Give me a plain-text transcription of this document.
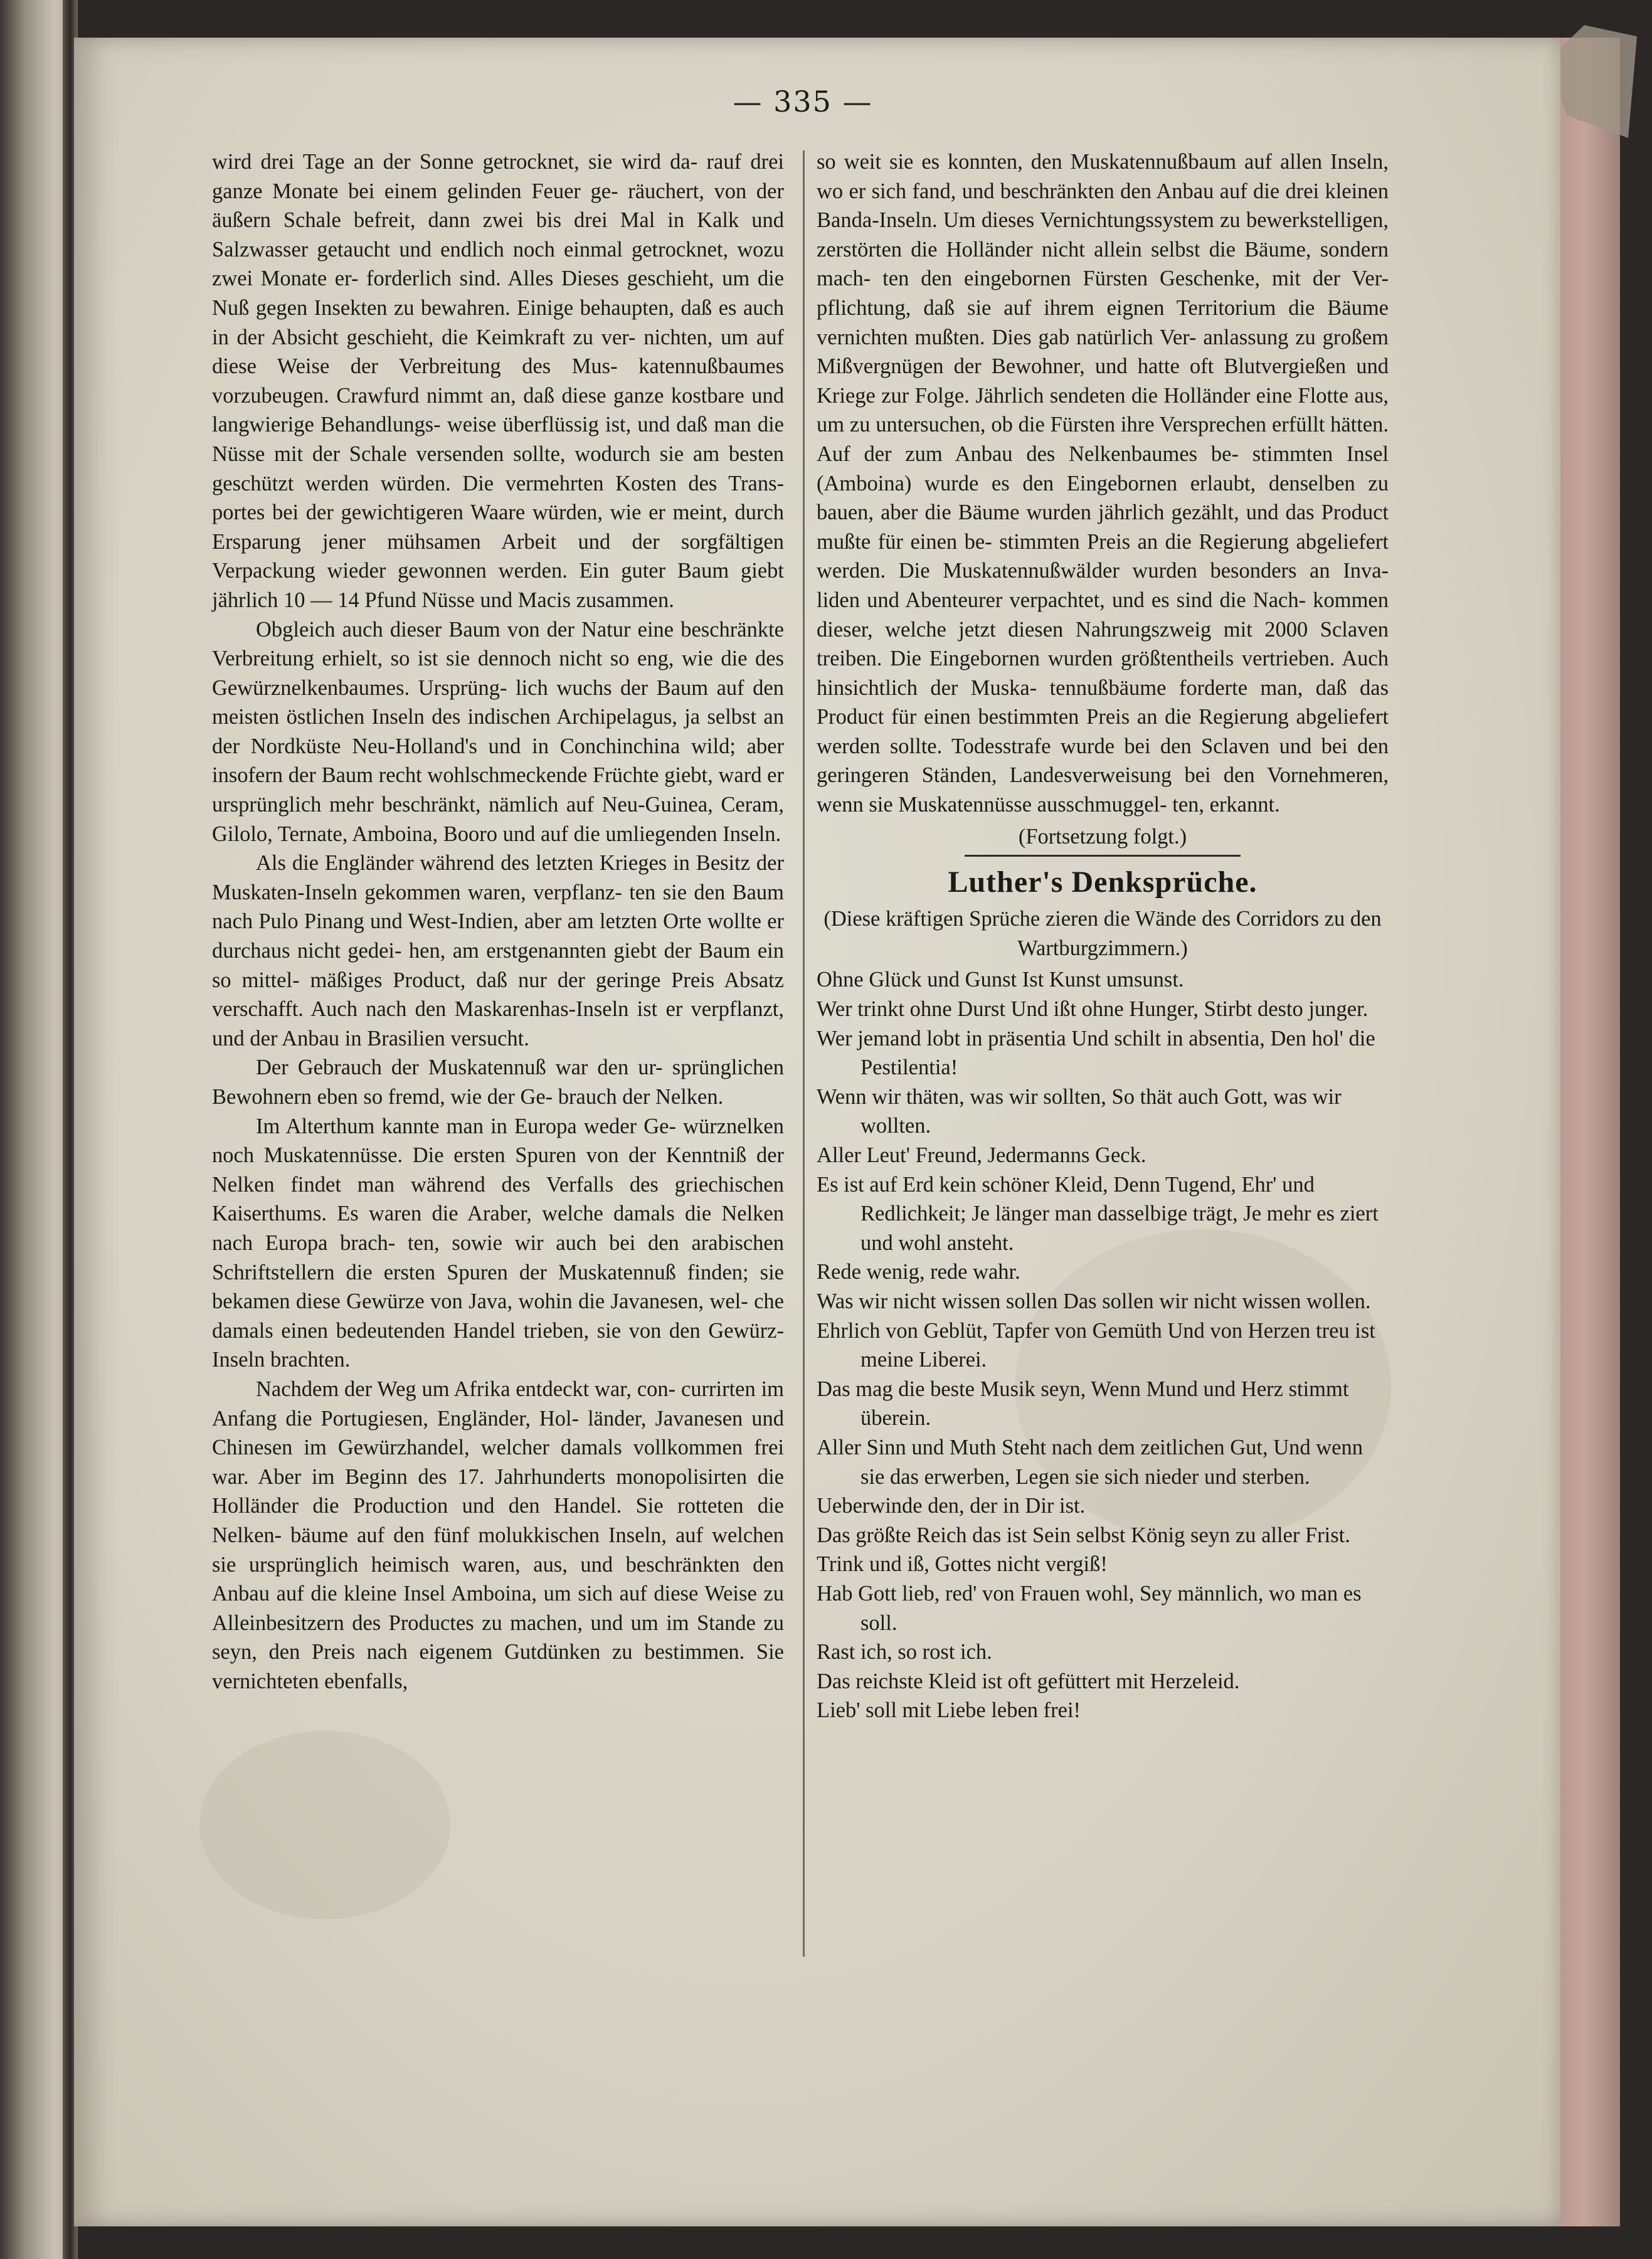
— 335 —

wird drei Tage an der Sonne getrocknet, sie wird da- rauf drei ganze Monate bei einem gelinden Feuer ge- räuchert, von der äußern Schale befreit, dann zwei bis drei Mal in Kalk und Salzwasser getaucht und endlich noch einmal getrocknet, wozu zwei Monate er- forderlich sind. Alles Dieses geschieht, um die Nuß gegen Insekten zu bewahren. Einige behaupten, daß es auch in der Absicht geschieht, die Keimkraft zu ver- nichten, um auf diese Weise der Verbreitung des Mus- katennußbaumes vorzubeugen. Crawfurd nimmt an, daß diese ganze kostbare und langwierige Behandlungs- weise überflüssig ist, und daß man die Nüsse mit der Schale versenden sollte, wodurch sie am besten geschützt werden würden. Die vermehrten Kosten des Trans- portes bei der gewichtigeren Waare würden, wie er meint, durch Ersparung jener mühsamen Arbeit und der sorgfältigen Verpackung wieder gewonnen werden. Ein guter Baum giebt jährlich 10 — 14 Pfund Nüsse und Macis zusammen.

Obgleich auch dieser Baum von der Natur eine beschränkte Verbreitung erhielt, so ist sie dennoch nicht so eng, wie die des Gewürznelkenbaumes. Ursprüng- lich wuchs der Baum auf den meisten östlichen Inseln des indischen Archipelagus, ja selbst an der Nordküste Neu-Holland's und in Conchinchina wild; aber insofern der Baum recht wohlschmeckende Früchte giebt, ward er ursprünglich mehr beschränkt, nämlich auf Neu-Guinea, Ceram, Gilolo, Ternate, Amboina, Booro und auf die umliegenden Inseln.

Als die Engländer während des letzten Krieges in Besitz der Muskaten-Inseln gekommen waren, verpflanz- ten sie den Baum nach Pulo Pinang und West-Indien, aber am letzten Orte wollte er durchaus nicht gedei- hen, am erstgenannten giebt der Baum ein so mittel- mäßiges Product, daß nur der geringe Preis Absatz verschafft. Auch nach den Maskarenhas-Inseln ist er verpflanzt, und der Anbau in Brasilien versucht.

Der Gebrauch der Muskatennuß war den ur- sprünglichen Bewohnern eben so fremd, wie der Ge- brauch der Nelken.

Im Alterthum kannte man in Europa weder Ge- würznelken noch Muskatennüsse. Die ersten Spuren von der Kenntniß der Nelken findet man während des Verfalls des griechischen Kaiserthums. Es waren die Araber, welche damals die Nelken nach Europa brach- ten, sowie wir auch bei den arabischen Schriftstellern die ersten Spuren der Muskatennuß finden; sie bekamen diese Gewürze von Java, wohin die Javanesen, wel- che damals einen bedeutenden Handel trieben, sie von den Gewürz-Inseln brachten.

Nachdem der Weg um Afrika entdeckt war, con- currirten im Anfang die Portugiesen, Engländer, Hol- länder, Javanesen und Chinesen im Gewürzhandel, welcher damals vollkommen frei war. Aber im Beginn des 17. Jahrhunderts monopolisirten die Holländer die Production und den Handel. Sie rotteten die Nelken- bäume auf den fünf molukkischen Inseln, auf welchen sie ursprünglich heimisch waren, aus, und beschränkten den Anbau auf die kleine Insel Amboina, um sich auf diese Weise zu Alleinbesitzern des Productes zu machen, und um im Stande zu seyn, den Preis nach eigenem Gutdünken zu bestimmen. Sie vernichteten ebenfalls,

so weit sie es konnten, den Muskatennußbaum auf allen Inseln, wo er sich fand, und beschränkten den Anbau auf die drei kleinen Banda-Inseln. Um dieses Vernichtungssystem zu bewerkstelligen, zerstörten die Holländer nicht allein selbst die Bäume, sondern mach- ten den eingebornen Fürsten Geschenke, mit der Ver- pflichtung, daß sie auf ihrem eignen Territorium die Bäume vernichten mußten. Dies gab natürlich Ver- anlassung zu großem Mißvergnügen der Bewohner, und hatte oft Blutvergießen und Kriege zur Folge. Jährlich sendeten die Holländer eine Flotte aus, um zu untersuchen, ob die Fürsten ihre Versprechen erfüllt hätten. Auf der zum Anbau des Nelkenbaumes be- stimmten Insel (Amboina) wurde es den Eingebornen erlaubt, denselben zu bauen, aber die Bäume wurden jährlich gezählt, und das Product mußte für einen be- stimmten Preis an die Regierung abgeliefert werden. Die Muskatennußwälder wurden besonders an Inva- liden und Abenteurer verpachtet, und es sind die Nach- kommen dieser, welche jetzt diesen Nahrungszweig mit 2000 Sclaven treiben. Die Eingebornen wurden größtentheils vertrieben. Auch hinsichtlich der Muska- tennußbäume forderte man, daß das Product für einen bestimmten Preis an die Regierung abgeliefert werden sollte. Todesstrafe wurde bei den Sclaven und bei den geringeren Ständen, Landesverweisung bei den Vornehmeren, wenn sie Muskatennüsse ausschmuggel- ten, erkannt.

(Fortsetzung folgt.)

Luther's Denksprüche.

(Diese kräftigen Sprüche zieren die Wände des Corridors zu den Wartburgzimmern.)

Ohne Glück und Gunst Ist Kunst umsunst.

Wer trinkt ohne Durst Und ißt ohne Hunger, Stirbt desto junger.

Wer jemand lobt in präsentia Und schilt in absentia, Den hol' die Pestilentia!

Wenn wir thäten, was wir sollten, So thät auch Gott, was wir wollten.

Aller Leut' Freund, Jedermanns Geck.

Es ist auf Erd kein schöner Kleid, Denn Tugend, Ehr' und Redlichkeit; Je länger man dasselbige trägt, Je mehr es ziert und wohl ansteht.

Rede wenig, rede wahr.

Was wir nicht wissen sollen Das sollen wir nicht wissen wollen.

Ehrlich von Geblüt, Tapfer von Gemüth Und von Herzen treu ist meine Liberei.

Das mag die beste Musik seyn, Wenn Mund und Herz stimmt überein.

Aller Sinn und Muth Steht nach dem zeitlichen Gut, Und wenn sie das erwerben, Legen sie sich nieder und sterben.

Ueberwinde den, der in Dir ist.

Das größte Reich das ist Sein selbst König seyn zu aller Frist.

Trink und iß, Gottes nicht vergiß!

Hab Gott lieb, red' von Frauen wohl, Sey männlich, wo man es soll.

Rast ich, so rost ich.

Das reichste Kleid ist oft gefüttert mit Herzeleid.

Lieb' soll mit Liebe leben frei!
